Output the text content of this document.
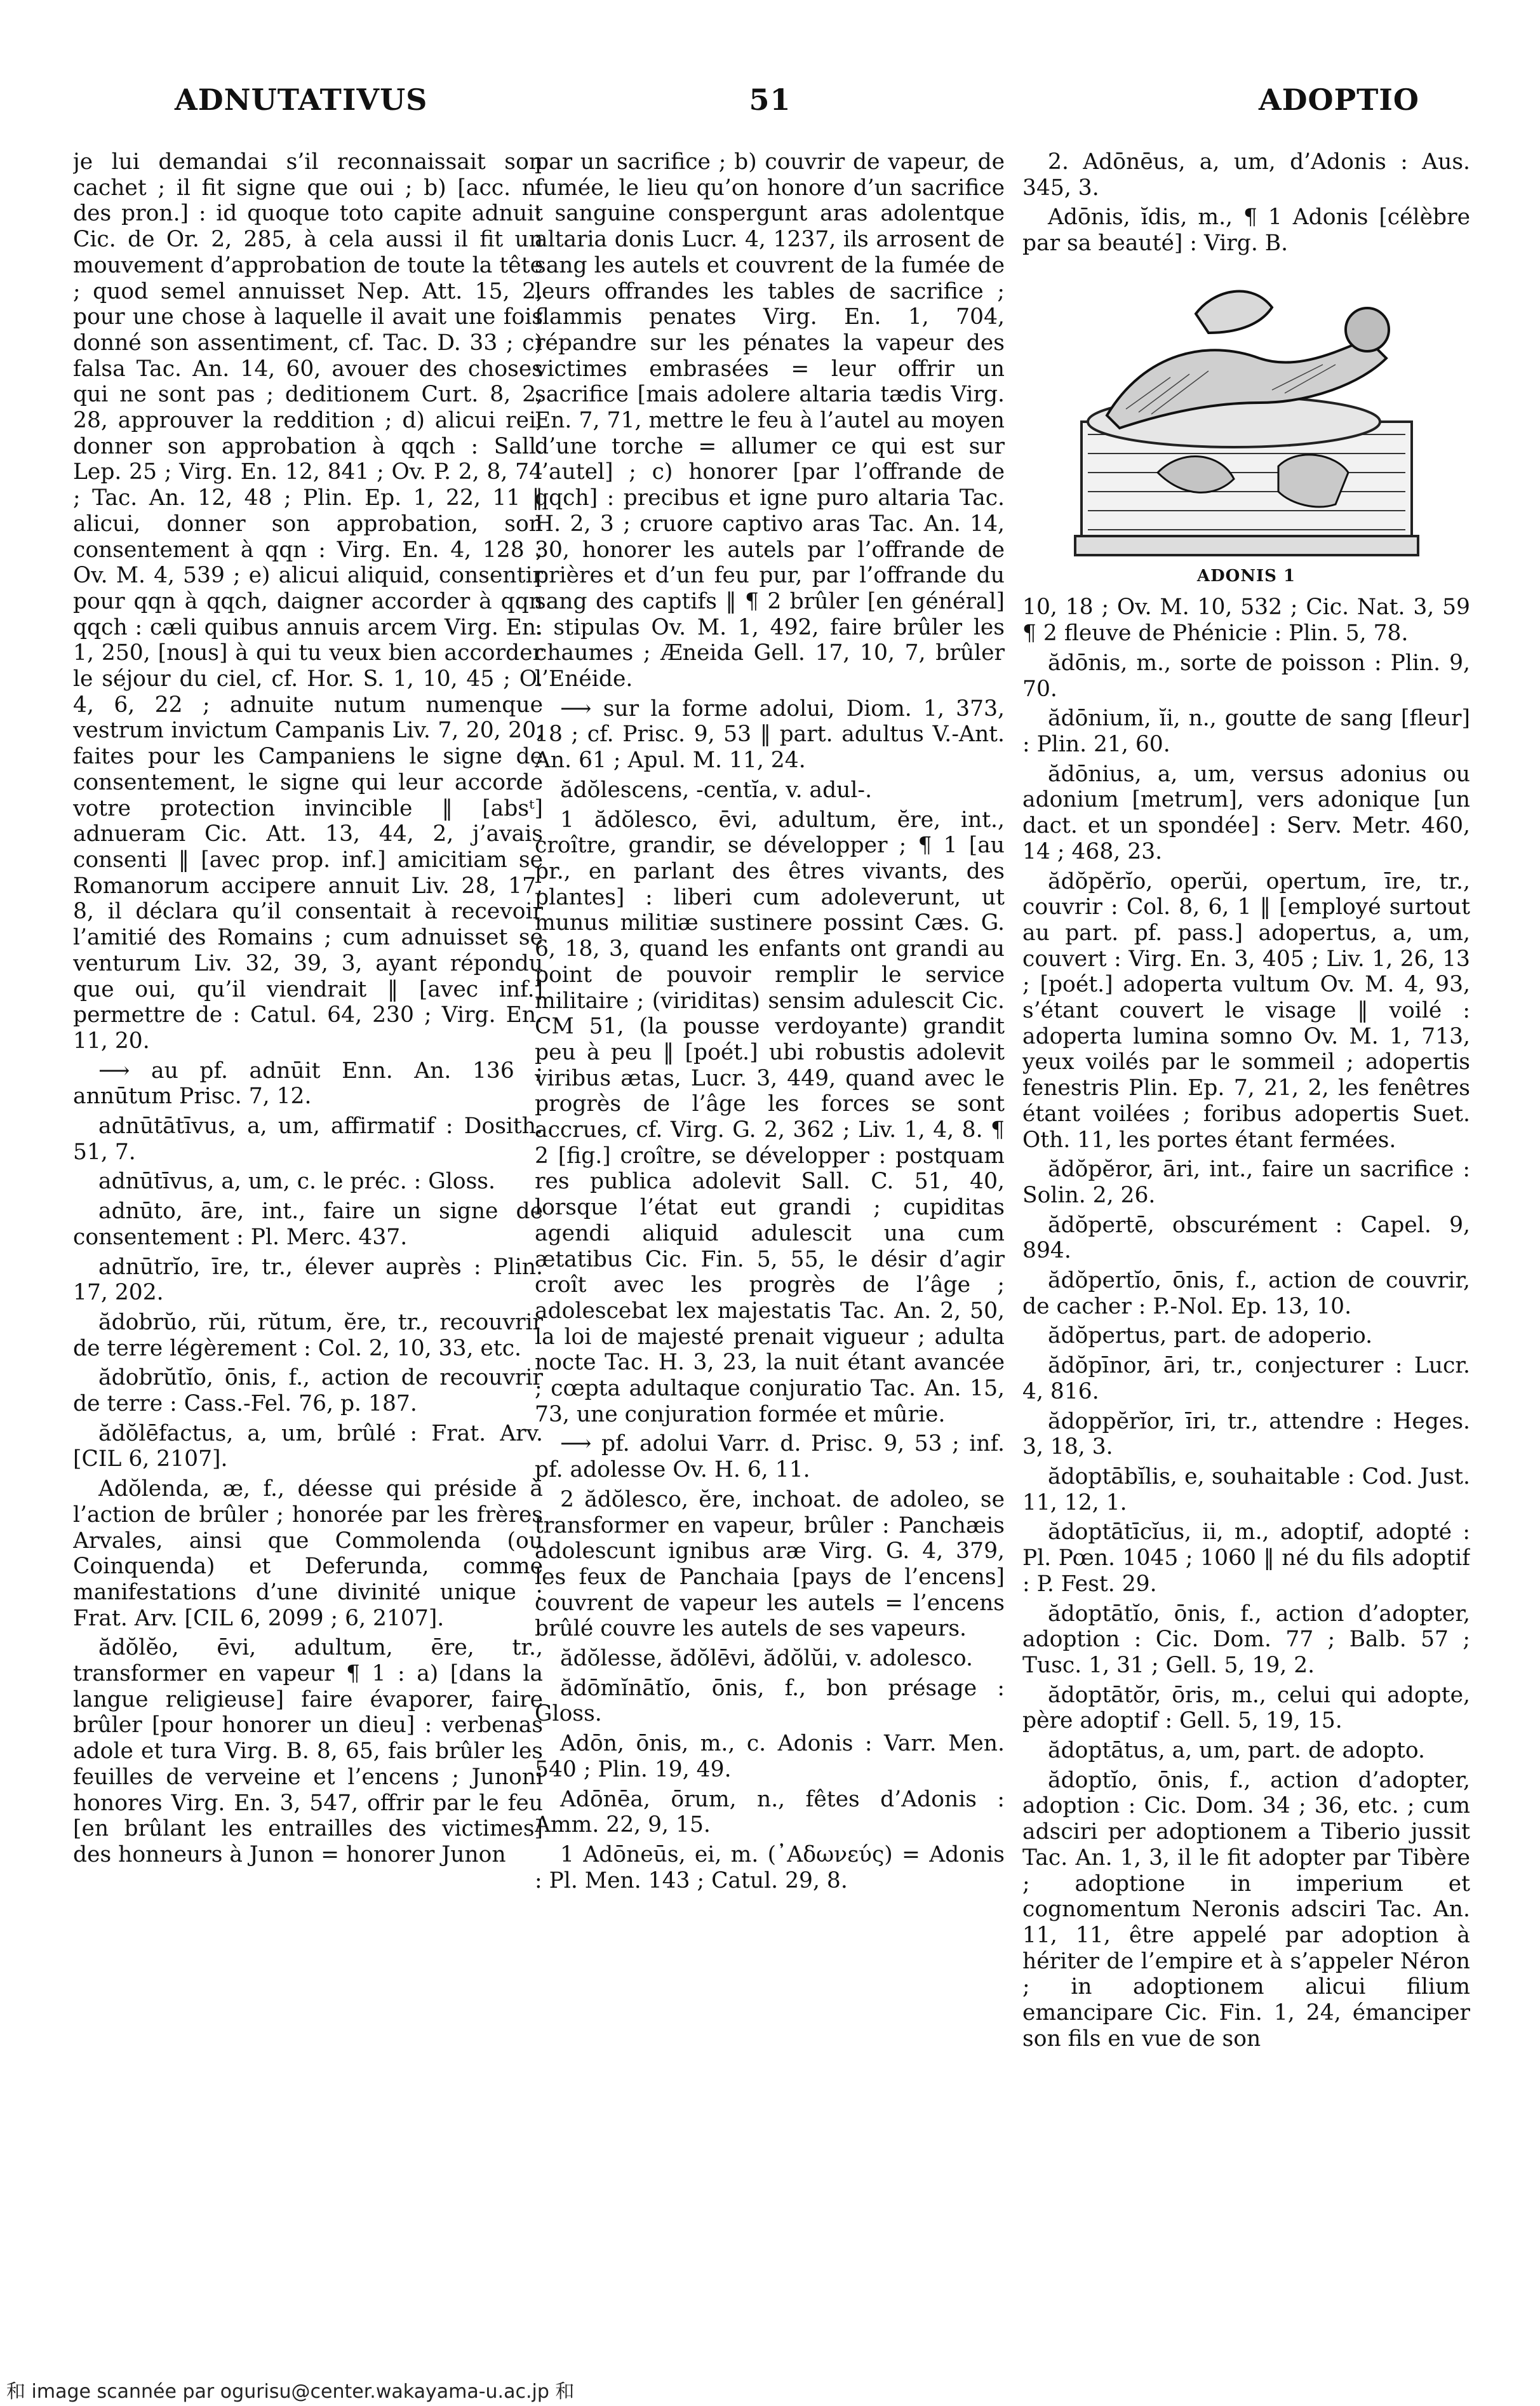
ADNUTATIVUS	51	ADOPTIO

je lui demandai s’il reconnaissait son cachet ; il fit signe que oui ; b) [acc. n. des pron.] : id quoque toto capite adnuit Cic. de Or. 2, 285, à cela aussi il fit un mouvement d’approbation de toute la tête ; quod semel annuisset Nep. Att. 15, 2, pour une chose à laquelle il avait une fois donné son assentiment, cf. Tac. D. 33 ; c) falsa Tac. An. 14, 60, avouer des choses qui ne sont pas ; deditionem Curt. 8, 2, 28, approuver la reddition ; d) alicui rei, donner son approbation à qqch : Sall. Lep. 25 ; Virg. En. 12, 841 ; Ov. P. 2, 8, 74 ; Tac. An. 12, 48 ; Plin. Ep. 1, 22, 11 ‖ alicui, donner son approbation, son consentement à qqn : Virg. En. 4, 128 ; Ov. M. 4, 539 ; e) alicui aliquid, consentir pour qqn à qqch, daigner accorder à qqn qqch : cæli quibus annuis arcem Virg. En. 1, 250, [nous] à qui tu veux bien accorder le séjour du ciel, cf. Hor. S. 1, 10, 45 ; O. 4, 6, 22 ; adnuite nutum numenque vestrum invictum Campanis Liv. 7, 20, 20, faites pour les Campaniens le signe de consentement, le signe qui leur accorde votre protection invincible ‖ [absᵗ] adnueram Cic. Att. 13, 44, 2, j’avais consenti ‖ [avec prop. inf.] amicitiam se Romanorum accipere annuit Liv. 28, 17, 8, il déclara qu’il consentait à recevoir l’amitié des Romains ; cum adnuisset se venturum Liv. 32, 39, 3, ayant répondu que oui, qu’il viendrait ‖ [avec inf.] permettre de : Catul. 64, 230 ; Virg. En. 11, 20.

⟶ au pf. adnūit Enn. An. 136 ; annūtum Prisc. 7, 12.

adnūtātīvus, a, um, affirmatif : Dosith. 51, 7.

adnūtīvus, a, um, c. le préc. : Gloss.

adnūto, āre, int., faire un signe de consentement : Pl. Merc. 437.

adnūtrĭo, īre, tr., élever auprès : Plin. 17, 202.

ădobrŭo, rŭi, rŭtum, ĕre, tr., recouvrir de terre légèrement : Col. 2, 10, 33, etc.

ădobrŭtĭo, ōnis, f., action de recouvrir de terre : Cass.-Fel. 76, p. 187.

ădŏlēfactus, a, um, brûlé : Frat. Arv. [CIL 6, 2107].

Adŏlenda, æ, f., déesse qui préside à l’action de brûler ; honorée par les frères Arvales, ainsi que Commolenda (ou Coinquenda) et Deferunda, comme manifestations d’une divinité unique : Frat. Arv. [CIL 6, 2099 ; 6, 2107].

ădŏlĕo, ēvi, adultum, ēre, tr., transformer en vapeur ¶ 1 : a) [dans la langue religieuse] faire évaporer, faire brûler [pour honorer un dieu] : verbenas adole et tura Virg. B. 8, 65, fais brûler les feuilles de verveine et l’encens ; Junoni honores Virg. En. 3, 547, offrir par le feu [en brûlant les entrailles des victimes] des honneurs à Junon = honorer Junon

par un sacrifice ; b) couvrir de vapeur, de fumée, le lieu qu’on honore d’un sacrifice : sanguine conspergunt aras adolentque altaria donis Lucr. 4, 1237, ils arrosent de sang les autels et couvrent de la fumée de leurs offrandes les tables de sacrifice ; flammis penates Virg. En. 1, 704, répandre sur les pénates la vapeur des victimes embrasées = leur offrir un sacrifice [mais adolere altaria tædis Virg. En. 7, 71, mettre le feu à l’autel au moyen d’une torche = allumer ce qui est sur l’autel] ; c) honorer [par l’offrande de qqch] : precibus et igne puro altaria Tac. H. 2, 3 ; cruore captivo aras Tac. An. 14, 30, honorer les autels par l’offrande de prières et d’un feu pur, par l’offrande du sang des captifs ‖ ¶ 2 brûler [en général] : stipulas Ov. M. 1, 492, faire brûler les chaumes ; Æneida Gell. 17, 10, 7, brûler l’Enéide.

⟶ sur la forme adolui, Diom. 1, 373, 18 ; cf. Prisc. 9, 53 ‖ part. adultus V.-Ant. An. 61 ; Apul. M. 11, 24.

ădŏlescens, -centĭa, v. adul-.

1 ădŏlesco, ēvi, adultum, ĕre, int., croître, grandir, se développer ; ¶ 1 [au pr., en parlant des êtres vivants, des plantes] : liberi cum adoleverunt, ut munus militiæ sustinere possint Cæs. G. 6, 18, 3, quand les enfants ont grandi au point de pouvoir remplir le service militaire ; (viriditas) sensim adulescit Cic. CM 51, (la pousse verdoyante) grandit peu à peu ‖ [poét.] ubi robustis adolevit viribus ætas, Lucr. 3, 449, quand avec le progrès de l’âge les forces se sont accrues, cf. Virg. G. 2, 362 ; Liv. 1, 4, 8. ¶ 2 [fig.] croître, se développer : postquam res publica adolevit Sall. C. 51, 40, lorsque l’état eut grandi ; cupiditas agendi aliquid adulescit una cum ætatibus Cic. Fin. 5, 55, le désir d’agir croît avec les progrès de l’âge ; adolescebat lex majestatis Tac. An. 2, 50, la loi de majesté prenait vigueur ; adulta nocte Tac. H. 3, 23, la nuit étant avancée ; cœpta adultaque conjuratio Tac. An. 15, 73, une conjuration formée et mûrie.

⟶ pf. adolui Varr. d. Prisc. 9, 53 ; inf. pf. adolesse Ov. H. 6, 11.

2 ădŏlesco, ĕre, inchoat. de adoleo, se transformer en vapeur, brûler : Panchæis adolescunt ignibus aræ Virg. G. 4, 379, les feux de Panchaia [pays de l’encens] couvrent de vapeur les autels = l’encens brûlé couvre les autels de ses vapeurs.

ădŏlesse, ădŏlēvi, ădŏlŭi, v. adolesco.

ădōmĭnātĭo, ōnis, f., bon présage : Gloss.

Adōn, ōnis, m., c. Adonis : Varr. Men. 540 ; Plin. 19, 49.

Adōnēa, ōrum, n., fêtes d’Adonis : Amm. 22, 9, 15.

1 Adōneūs, ei, m. (᾿Αδωνεύς) = Adonis : Pl. Men. 143 ; Catul. 29, 8.

2. Adōnēus, a, um, d’Adonis : Aus. 345, 3.

Adōnis, ĭdis, m., ¶ 1 Adonis [célèbre par sa beauté] : Virg. B.

ADONIS 1

10, 18 ; Ov. M. 10, 532 ; Cic. Nat. 3, 59 ¶ 2 fleuve de Phénicie : Plin. 5, 78.

ădōnis, m., sorte de poisson : Plin. 9, 70.

ădōnium, ĭi, n., goutte de sang [fleur] : Plin. 21, 60.

ădōnius, a, um, versus adonius ou adonium [metrum], vers adonique [un dact. et un spondée] : Serv. Metr. 460, 14 ; 468, 23.

ădŏpĕrĭo, operŭi, opertum, īre, tr., couvrir : Col. 8, 6, 1 ‖ [employé surtout au part. pf. pass.] adopertus, a, um, couvert : Virg. En. 3, 405 ; Liv. 1, 26, 13 ; [poét.] adoperta vultum Ov. M. 4, 93, s’étant couvert le visage ‖ voilé : adoperta lumina somno Ov. M. 1, 713, yeux voilés par le sommeil ; adopertis fenestris Plin. Ep. 7, 21, 2, les fenêtres étant voilées ; foribus adopertis Suet. Oth. 11, les portes étant fermées.

ădŏpĕror, āri, int., faire un sacrifice : Solin. 2, 26.

ădŏpertē, obscurément : Capel. 9, 894.

ădŏpertĭo, ōnis, f., action de couvrir, de cacher : P.-Nol. Ep. 13, 10.

ădŏpertus, part. de adoperio.

ădŏpīnor, āri, tr., conjecturer : Lucr. 4, 816.

ădoppĕrĭor, īri, tr., attendre : Heges. 3, 18, 3.

ădoptābĭlis, e, souhaitable : Cod. Just. 11, 12, 1.

ădoptātīcĭus, ii, m., adoptif, adopté : Pl. Pœn. 1045 ; 1060 ‖ né du fils adoptif : P. Fest. 29.

ădoptātĭo, ōnis, f., action d’adopter, adoption : Cic. Dom. 77 ; Balb. 57 ; Tusc. 1, 31 ; Gell. 5, 19, 2.

ădoptātŏr, ōris, m., celui qui adopte, père adoptif : Gell. 5, 19, 15.

ădoptātus, a, um, part. de adopto.

ădoptĭo, ōnis, f., action d’adopter, adoption : Cic. Dom. 34 ; 36, etc. ; cum adsciri per adoptionem a Tiberio jussit Tac. An. 1, 3, il le fit adopter par Tibère ; adoptione in imperium et cognomentum Neronis adsciri Tac. An. 11, 11, être appelé par adoption à hériter de l’empire et à s’appeler Néron ; in adoptionem alicui filium emancipare Cic. Fin. 1, 24, émanciper son fils en vue de son

和 image scannée par ogurisu@center.wakayama-u.ac.jp 和
